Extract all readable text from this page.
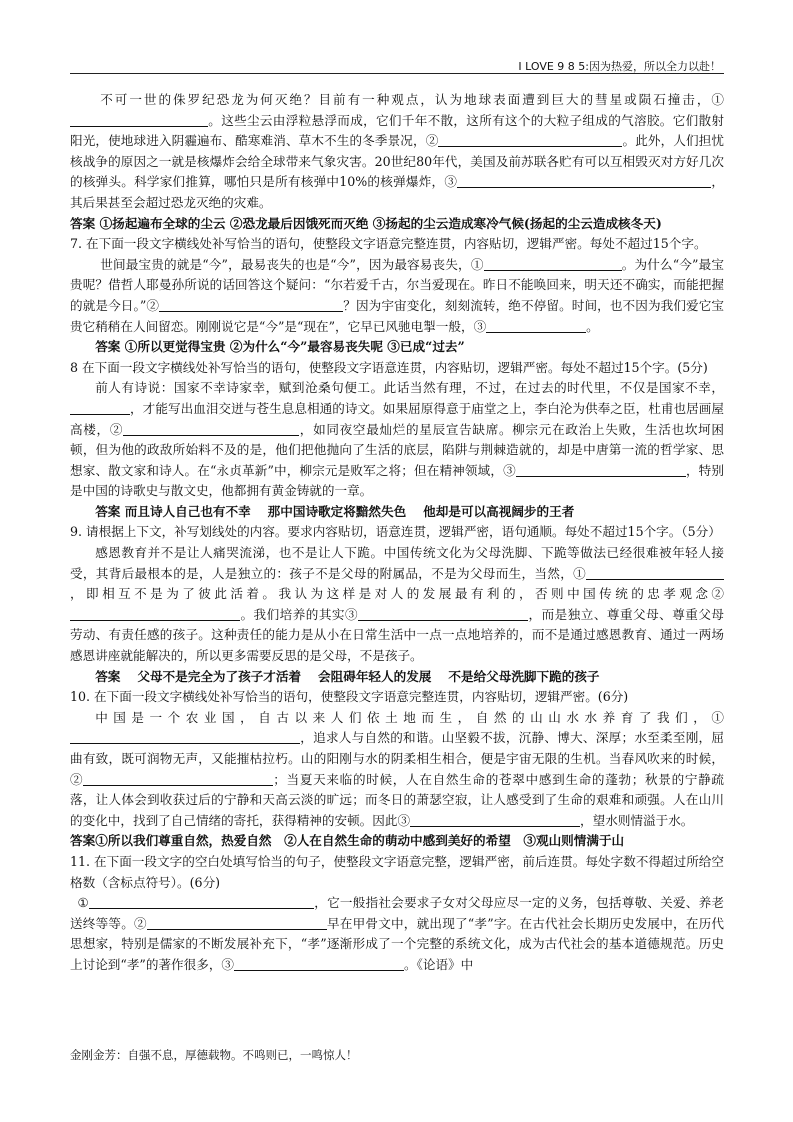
I LOVE 9 8 5:因为热爱，所以全力以赴！

不可一世的侏罗纪恐龙为何灭绝？目前有一种观点，认为地球表面遭到巨大的彗星或陨石撞击，①。这些尘云由浮粒悬浮而成，它们千年不散，这所有这个的大粒子组成的气溶胶。它们散射阳光，使地球进入阴霾遍布、酷寒难消、草木不生的冬季景况，②	。此外，人们担忧核战争的原因之一就是核爆炸会给全球带来气象灾害。20世纪80年代，美国及前苏联各贮有可以互相毁灭对方好几次的核弹头。科学家们推算，哪怕只是所有核弹中10%的核弹爆炸，③	，其后果甚至会超过恐龙灭绝的灾难。

答案 ①扬起遍布全球的尘云 ②恐龙最后因饿死而灭绝 ③扬起的尘云造成寒冷气候(扬起的尘云造成核冬天)

7. 在下面一段文字横线处补写恰当的语句，使整段文字语意完整连贯，内容贴切，逻辑严密。每处不超过15个字。

世间最宝贵的就是“今”，最易丧失的也是“今”，因为最容易丧失，①	。为什么“今”最宝贵呢？借哲人耶曼孙所说的话回答这个疑问：“尔若爱千古，尔当爱现在。昨日不能唤回来，明天还不确实，而能把握的就是今日。”②	？因为宇宙变化，刻刻流转，绝不停留。时间，也不因为我们爱它宝贵它稍稍在人间留恋。刚刚说它是“今”是“现在”，它早已风驰电掣一般，③	。

答案 ①所以更觉得宝贵 ②为什么“今”最容易丧失呢 ③已成“过去”

8 在下面一段文字横线处补写恰当的语句，使整段文字语意连贯，内容贴切，逻辑严密。每处不超过15个字。(5分)

前人有诗说：国家不幸诗家幸，赋到沧桑句便工。此话当然有理，不过，在过去的时代里，不仅是国家不幸，，才能写出血泪交迸与苍生息息相通的诗文。如果屈原得意于庙堂之上，李白沦为供奉之臣，杜甫也居画屋高楼，②	，如同夜空最灿烂的星辰宣告缺席。柳宗元在政治上失败，生活也坎坷困顿，但为他的政敌所始料不及的是，他们把他抛向了生活的底层，陷阱与荆棘造就的，却是中唐第一流的哲学家、思想家、散文家和诗人。在“永贞革新”中，柳宗元是败军之将；但在精神领域，③	，特别是中国的诗歌史与散文史，他都拥有黄金铸就的一章。

答案 而且诗人自己也有不幸　 那中国诗歌定将黯然失色　 他却是可以高视阔步的王者

9. 请根据上下文，补写划线处的内容。要求内容贴切，语意连贯，逻辑严密，语句通顺。每处不超过15个字。（5分）

感恩教育并不是让人痛哭流涕，也不是让人下跪。中国传统文化为父母洗脚、下跪等做法已经很难被年轻人接受，其背后最根本的是，人是独立的：孩子不是父母的附属品，不是为父母而生，当然，①，即相互不是为了彼此活着。我认为这样是对人的发展最有利的，否则中国传统的忠孝观念②。我们培养的其实③	，而是独立、尊重父母、尊重父母劳动、有责任感的孩子。这种责任的能力是从小在日常生活中一点一点地培养的，而不是通过感恩教育、通过一两场感恩讲座就能解决的，所以更多需要反思的是父母，不是孩子。

答案　 父母不是完全为了孩子才活着　 会阻碍年轻人的发展　 不是给父母洗脚下跪的孩子

10. 在下面一段文字横线处补写恰当的语句，使整段文字语意完整连贯，内容贴切，逻辑严密。(6分)

中国是一个农业国，自古以来人们依土地而生，自然的山山水水养育了我们，①，追求人与自然的和谐。山坚毅不拔，沉静、博大、深厚；水至柔至刚，屈曲有致，既可润物无声，又能摧枯拉朽。山的阳刚与水的阴柔相生相合，便是宇宙无限的生机。当春风吹来的时候，②	；当夏天来临的时候，人在自然生命的苍翠中感到生命的蓬勃；秋景的宁静疏落，让人体会到收获过后的宁静和天高云淡的旷远；而冬日的萧瑟空寂，让人感受到了生命的艰难和顽强。人在山川的变化中，找到了自己情绪的寄托，获得精神的安顿。因此③	，望水则情溢于水。

答案①所以我们尊重自然，热爱自然　②人在自然生命的萌动中感到美好的希望　③观山则情满于山

11. 在下面一段文字的空白处填写恰当的句子，使整段文字语意完整，逻辑严密，前后连贯。每处字数不得超过所给空格数（含标点符号）。(6分)

①	，它一般指社会要求子女对父母应尽一定的义务，包括尊敬、关爱、养老送终等等。②	早在甲骨文中，就出现了“孝”字。在古代社会长期历史发展中，在历代思想家，特别是儒家的不断发展补充下，“孝”逐渐形成了一个完整的系统文化，成为古代社会的基本道德规范。历史上讨论到“孝”的著作很多，③	。《论语》中

金刚金芳：自强不息，厚德载物。不鸣则已，一鸣惊人！
